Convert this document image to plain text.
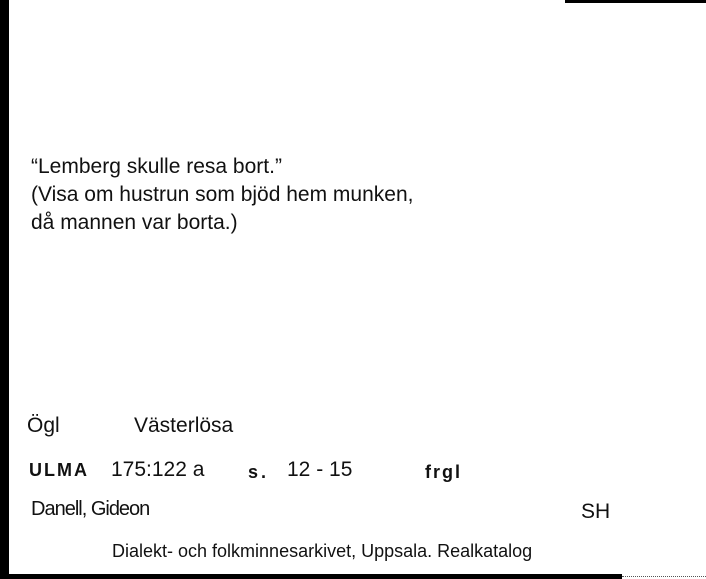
“Lemberg skulle resa bort.”
(Visa om hustrun som bjöd hem munken,
då mannen var borta.)
Ögl	Västerlösa
ULMA 175:122 a s. 12 - 15	frgl
Danell, Gideon	SH
Dialekt- och folkminnesarkivet, Uppsala. Realkatalog
